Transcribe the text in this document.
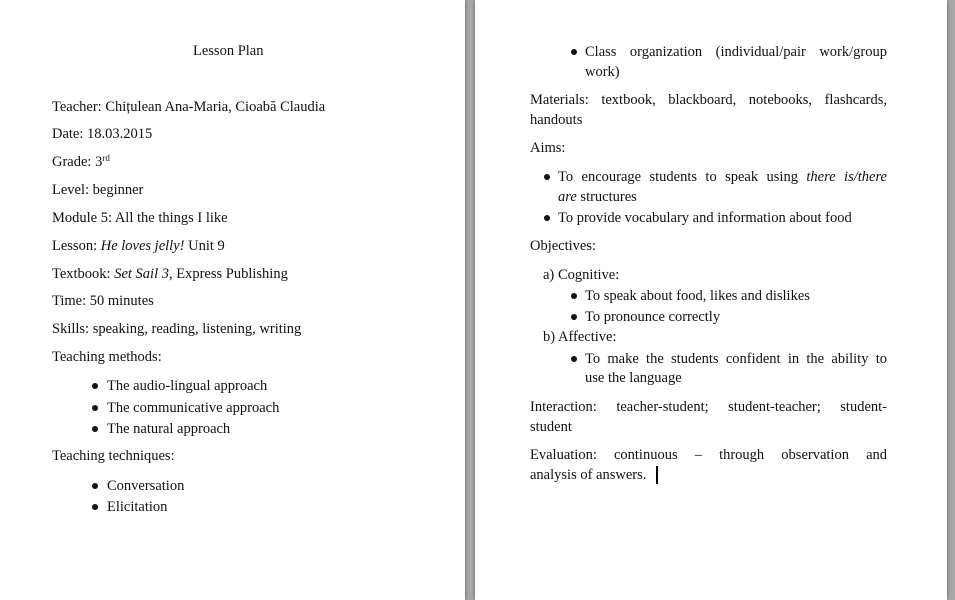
Lesson Plan
Teacher: Chițulean Ana-Maria, Cioabă Claudia
Date: 18.03.2015
Grade: 3rd
Level: beginner
Module 5: All the things I like
Lesson: He loves jelly! Unit 9
Textbook: Set Sail 3, Express Publishing
Time: 50 minutes
Skills: speaking, reading, listening, writing
Teaching methods:
The audio-lingual approach
The communicative approach
The natural approach
Teaching techniques:
Conversation
Elicitation
Class organization (individual/pair work/group
work)
Materials: textbook, blackboard, notebooks, flashcards,
handouts
Aims:
To encourage students to speak using there is/there
are structures
To provide vocabulary and information about food
Objectives:
a) Cognitive:
To speak about food, likes and dislikes
To pronounce correctly
b) Affective:
To make the students confident in the ability to
use the language
Interaction: teacher-student; student-teacher; student-
student
Evaluation: continuous – through observation and
analysis of answers.
